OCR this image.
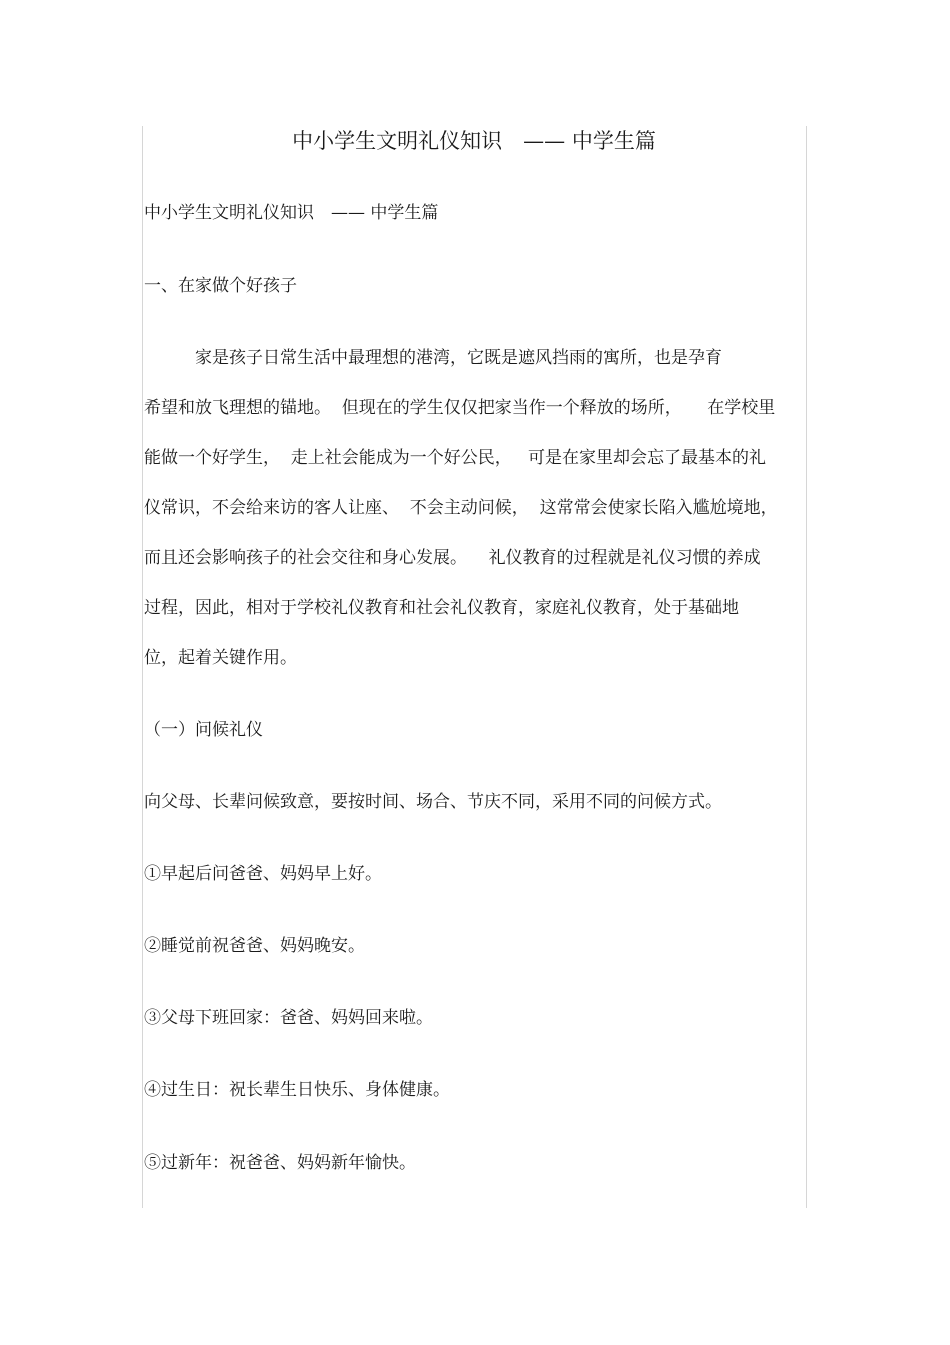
中小学生文明礼仪知识　—— 中学生篇
中小学生文明礼仪知识　—— 中学生篇
一、在家做个好孩子
　　　家是孩子日常生活中最理想的港湾，它既是遮风挡雨的寓所，也是孕育
希望和放飞理想的锚地。  但现在的学生仅仅把家当作一个释放的场所，　　在学校里
能做一个好学生，  走上社会能成为一个好公民，   可是在家里却会忘了最基本的礼
仪常识，不会给来访的客人让座、  不会主动问候，  这常常会使家长陷入尴尬境地，
而且还会影响孩子的社会交往和身心发展。    礼仪教育的过程就是礼仪习惯的养成
过程，因此，相对于学校礼仪教育和社会礼仪教育，家庭礼仪教育，处于基础地
位，起着关键作用。
（一）问候礼仪
向父母、长辈问候致意，要按时间、场合、节庆不同，采用不同的问候方式。
①早起后问爸爸、妈妈早上好。
②睡觉前祝爸爸、妈妈晚安。
③父母下班回家：爸爸、妈妈回来啦。
④过生日：祝长辈生日快乐、身体健康。
⑤过新年：祝爸爸、妈妈新年愉快。
